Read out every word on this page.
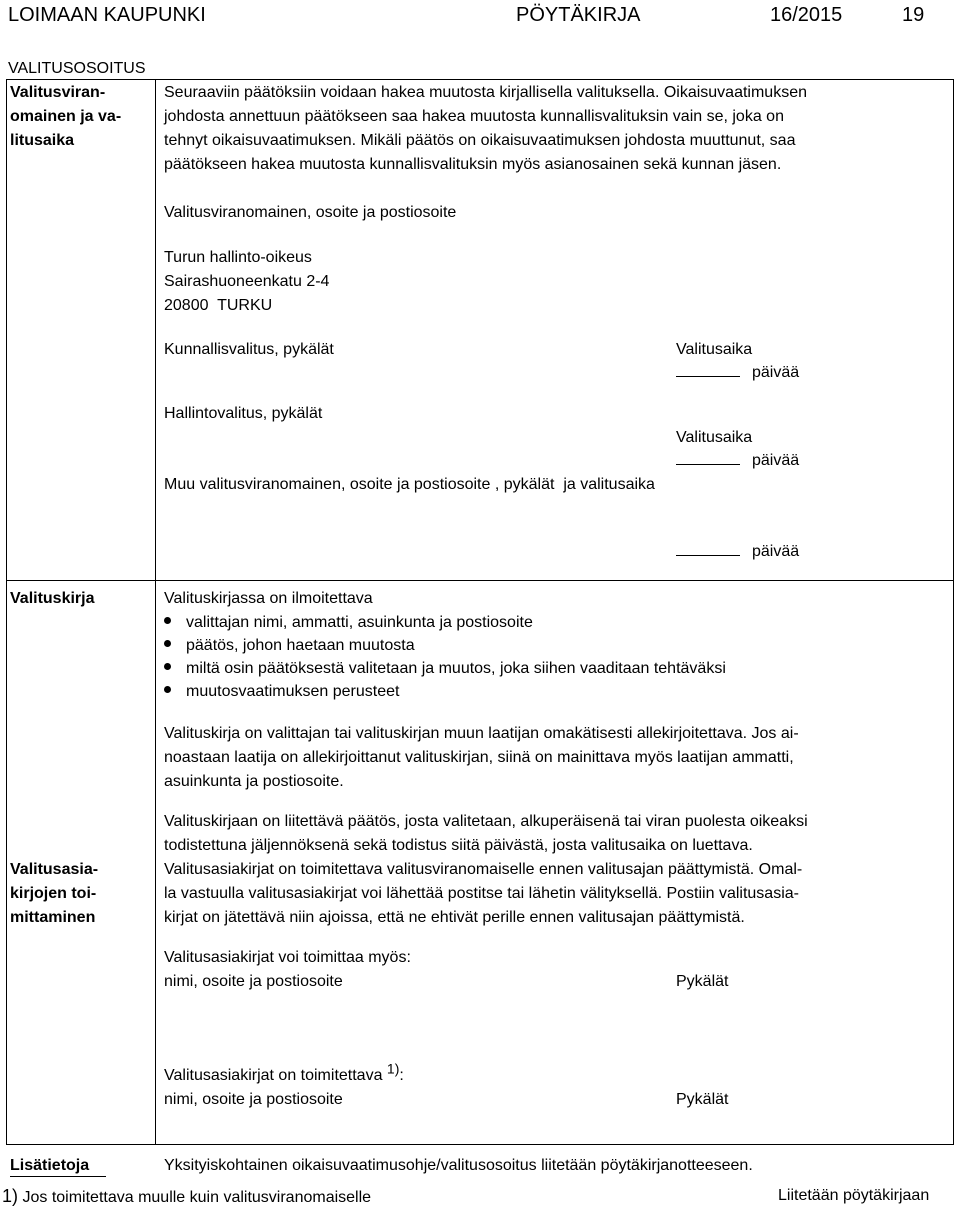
LOIMAAN KAUPUNKI	PÖYTÄKIRJA	16/2015	19
VALITUSOSOITUS
Valitusviran-
omainen ja va-
litusaika
Seuraaviin päätöksiin voidaan hakea muutosta kirjallisella valituksella. Oikaisuvaatimuksen
johdosta annettuun päätökseen saa hakea muutosta kunnallisvalituksin vain se, joka on
tehnyt oikaisuvaatimuksen. Mikäli päätös on oikaisuvaatimuksen johdosta muuttunut, saa
päätökseen hakea muutosta kunnallisvalituksin myös asianosainen sekä kunnan jäsen.
Valitusviranomainen, osoite ja postiosoite
Turun hallinto-oikeus
Sairashuoneenkatu 2-4
20800  TURKU
Kunnallisvalitus, pykälät	Valitusaika
päivää
Hallintovalitus, pykälät
Valitusaika
päivää
Muu valitusviranomainen, osoite ja postiosoite , pykälät  ja valitusaika
päivää
Valituskirja	Valituskirjassa on ilmoitettava
valittajan nimi, ammatti, asuinkunta ja postiosoite
päätös, johon haetaan muutosta
miltä osin päätöksestä valitetaan ja muutos, joka siihen vaaditaan tehtäväksi
muutosvaatimuksen perusteet
Valituskirja on valittajan tai valituskirjan muun laatijan omakätisesti allekirjoitettava. Jos ai-
noastaan laatija on allekirjoittanut valituskirjan, siinä on mainittava myös laatijan ammatti,
asuinkunta ja postiosoite.
Valitusasia-
kirjojen toi-
mittaminen
Valituskirjaan on liitettävä päätös, josta valitetaan, alkuperäisenä tai viran puolesta oikeaksi
todistettuna jäljennöksenä sekä todistus siitä päivästä, josta valitusaika on luettava.
Valitusasiakirjat on toimitettava valitusviranomaiselle ennen valitusajan päättymistä. Omal-
la vastuulla valitusasiakirjat voi lähettää postitse tai lähetin välityksellä. Postiin valitusasia-
kirjat on jätettävä niin ajoissa, että ne ehtivät perille ennen valitusajan päättymistä.
Valitusasiakirjat voi toimittaa myös:
nimi, osoite ja postiosoite	Pykälät
Valitusasiakirjat on toimitettava $^{1)}$:
nimi, osoite ja postiosoite	Pykälät
Lisätietoja	Yksityiskohtainen oikaisuvaatimusohje/valitusosoitus liitetään pöytäkirjanotteeseen.
1) Jos toimitettava muulle kuin valitusviranomaiselle	Liitetään pöytäkirjaan
